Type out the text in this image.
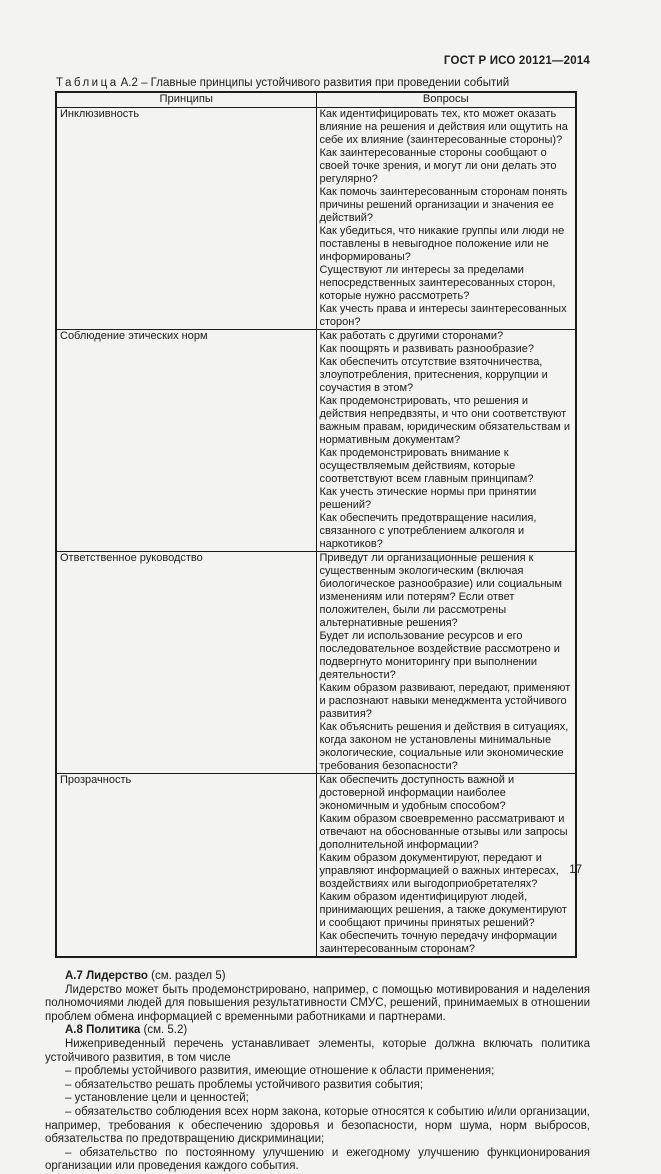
ГОСТ Р ИСО 20121—2014
Таблица А.2 – Главные принципы устойчивого развития при проведении событий
Принципы	Вопросы
Инклюзивность	Как идентифицировать тех, кто может оказать влияние на решения и действия или ощутить на себе их влияние (заинтересованные стороны)?
Как заинтересованные стороны сообщают о своей точке зрения, и могут ли они делать это регулярно?
Как помочь заинтересованным сторонам понять причины решений организации и значения ее действий?
Как убедиться, что никакие группы или люди не поставлены в невыгодное положение или не информированы?
Существуют ли интересы за пределами непосредственных заинтересованных сторон, которые нужно рассмотреть?
Как учесть права и интересы заинтересованных сторон?

Соблюдение этических норм	Как работать с другими сторонами?
Как поощрять и развивать разнообразие?
Как обеспечить отсутствие взяточничества, злоупотребления, притеснения, коррупции и соучастия в этом?
Как продемонстрировать, что решения и действия непредвзяты, и что они соответствуют важным правам, юридическим обязательствам и нормативным документам?
Как продемонстрировать внимание к осуществляемым действиям, которые соответствуют всем главным принципам?
Как учесть этические нормы при принятии решений?
Как обеспечить предотвращение насилия, связанного с употреблением алкоголя и наркотиков?

Ответственное руководство	Приведут ли организационные решения к существенным экологическим (включая биологическое разнообразие) или социальным изменениям или потерям? Если ответ положителен, были ли рассмотрены альтернативные решения?
Будет ли использование ресурсов и его последовательное воздействие рассмотрено и подвергнуто мониторингу при выполнении деятельности?
Каким образом развивают, передают, применяют и распознают навыки менеджмента устойчивого развития?
Как объяснить решения и действия в ситуациях, когда законом не установлены минимальные экологические, социальные или экономические требования безопасности?

Прозрачность	Как обеспечить доступность важной и достоверной информации наиболее экономичным и удобным способом?
Каким образом своевременно рассматривают и отвечают на обоснованные отзывы или запросы дополнительной информации?
Каким образом документируют, передают и управляют информацией о важных интересах, воздействиях или выгодоприобретателях?
Каким образом идентифицируют людей, принимающих решения, а также документируют и сообщают причины принятых решений?
Как обеспечить точную передачу информации заинтересованным сторонам?

А.7 Лидерство (см. раздел 5)

Лидерство может быть продемонстрировано, например, с помощью мотивирования и наделения полномочиями людей для повышения результативности СМУС, решений, принимаемых в отношении проблем обмена информацией с временными работниками и партнерами.

А.8 Политика (см. 5.2)

Нижеприведенный перечень устанавливает элементы, которые должна включать политика устойчивого развития, в том числе

– проблемы устойчивого развития, имеющие отношение к области применения;
– обязательство решать проблемы устойчивого развития события;
– установление цели и ценностей;
– обязательство соблюдения всех норм закона, которые относятся к событию и/или организации, например, требования к обеспечению здоровья и безопасности, норм шума, норм выбросов, обязательства по предотвращению дискриминации;
– обязательство по постоянному улучшению и ежегодному улучшению функционирования организации или проведения каждого события.
17
